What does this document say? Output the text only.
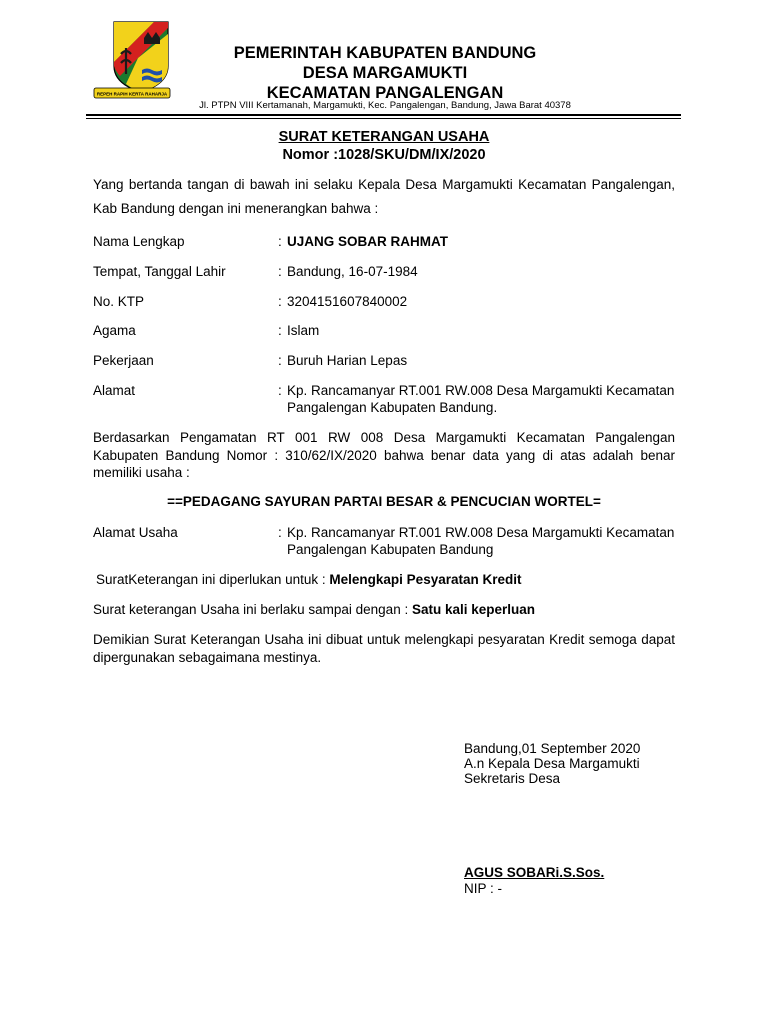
REPEH RAPIH KERTA RAHARJA
PEMERINTAH KABUPATEN BANDUNG
DESA MARGAMUKTI
KECAMATAN PANGALENGAN
Jl. PTPN VIII Kertamanah, Margamukti, Kec. Pangalengan, Bandung, Jawa Barat 40378
SURAT KETERANGAN USAHA
Nomor :1028/SKU/DM/IX/2020
Yang bertanda tangan di bawah ini selaku Kepala Desa Margamukti Kecamatan Pangalengan, Kab Bandung dengan ini menerangkan bahwa :
Nama Lengkap	: UJANG SOBAR RAHMAT
Tempat, Tanggal Lahir	: Bandung, 16-07-1984
No. KTP	: 3204151607840002
Agama	: Islam
Pekerjaan	: Buruh Harian Lepas
Alamat	: Kp. Rancamanyar RT.001 RW.008 Desa Margamukti Kecamatan Pangalengan Kabupaten Bandung.
Berdasarkan Pengamatan RT 001 RW 008 Desa Margamukti Kecamatan Pangalengan Kabupaten Bandung Nomor : 310/62/IX/2020 bahwa benar data yang di atas adalah benar memiliki usaha :
==PEDAGANG SAYURAN PARTAI BESAR & PENCUCIAN WORTEL=
Alamat Usaha	: Kp. Rancamanyar RT.001 RW.008 Desa Margamukti Kecamatan Pangalengan Kabupaten Bandung
SuratKeterangan ini diperlukan untuk : Melengkapi Pesyaratan Kredit
Surat keterangan Usaha ini berlaku sampai dengan : Satu kali keperluan
Demikian Surat Keterangan Usaha ini dibuat untuk melengkapi pesyaratan Kredit semoga dapat dipergunakan sebagaimana mestinya.
Bandung,01 September 2020
A.n Kepala Desa Margamukti
Sekretaris Desa
AGUS SOBARi.S.Sos.
NIP : -
